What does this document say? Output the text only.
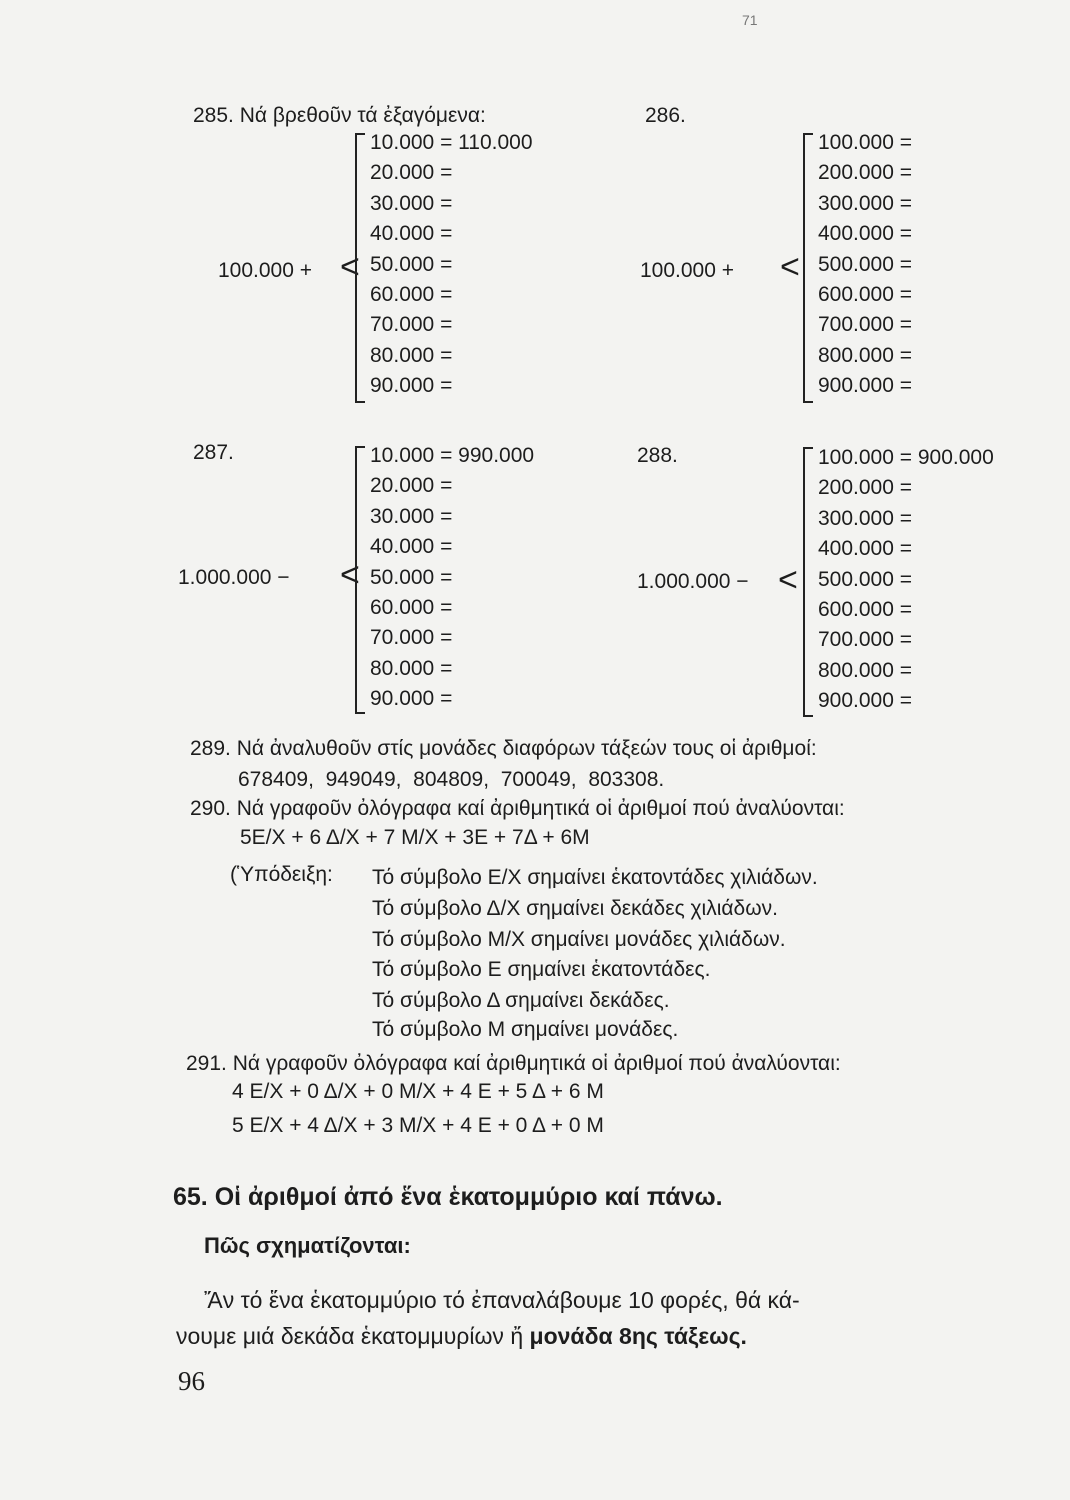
71
285. Νά βρεθοῦν τά ἐξαγόμενα:
100.000 + <
10.000 = 110.000
20.000 =
30.000 =
40.000 =
50.000 =
60.000 =
70.000 =
80.000 =
90.000 =
286.
100.000 + <
100.000 =
200.000 =
300.000 =
400.000 =
500.000 =
600.000 =
700.000 =
800.000 =
900.000 =
287.
1.000.000 − <
10.000 = 990.000
20.000 =
30.000 =
40.000 =
50.000 =
60.000 =
70.000 =
80.000 =
90.000 =
288.
1.000.000 − <
100.000 = 900.000
200.000 =
300.000 =
400.000 =
500.000 =
600.000 =
700.000 =
800.000 =
900.000 =
289. Νά ἀναλυθοῦν στίς μονάδες διαφόρων τάξεών τους οἱ ἀριθμοί:
678409,  949049,  804809,  700049,  803308.
290. Νά γραφοῦν ὀλόγραφα καί ἀριθμητικά οἱ ἀριθμοί πού ἀναλύονται:
5Ε/Χ + 6 Δ/Χ + 7 Μ/Χ + 3Ε + 7Δ + 6Μ
(Ὑπόδειξη: Τό σύμβολο Ε/Χ σημαίνει ἑκατοντάδες χιλιάδων.
Τό σύμβολο Δ/Χ σημαίνει δεκάδες χιλιάδων.
Τό σύμβολο Μ/Χ σημαίνει μονάδες χιλιάδων.
Τό σύμβολο Ε σημαίνει ἑκατοντάδες.
Τό σύμβολο Δ σημαίνει δεκάδες.
Τό σύμβολο Μ σημαίνει μονάδες.
291. Νά γραφοῦν ὀλόγραφα καί ἀριθμητικά οἱ ἀριθμοί πού ἀναλύονται:
4 Ε/Χ + 0 Δ/Χ + 0 Μ/Χ + 4 Ε + 5 Δ + 6 Μ
5 Ε/Χ + 4 Δ/Χ + 3 Μ/Χ + 4 Ε + 0 Δ + 0 Μ
65. Οἱ ἀριθμοί ἀπό ἕνα ἑκατομμύριο καί πάνω.
Πῶς σχηματίζονται:
Ἄν τό ἕνα ἑκατομμύριο τό ἐπαναλάβουμε 10 φορές, θά κά-
νουμε μιά δεκάδα ἑκατομμυρίων ἤ μονάδα 8ης τάξεως.
96
